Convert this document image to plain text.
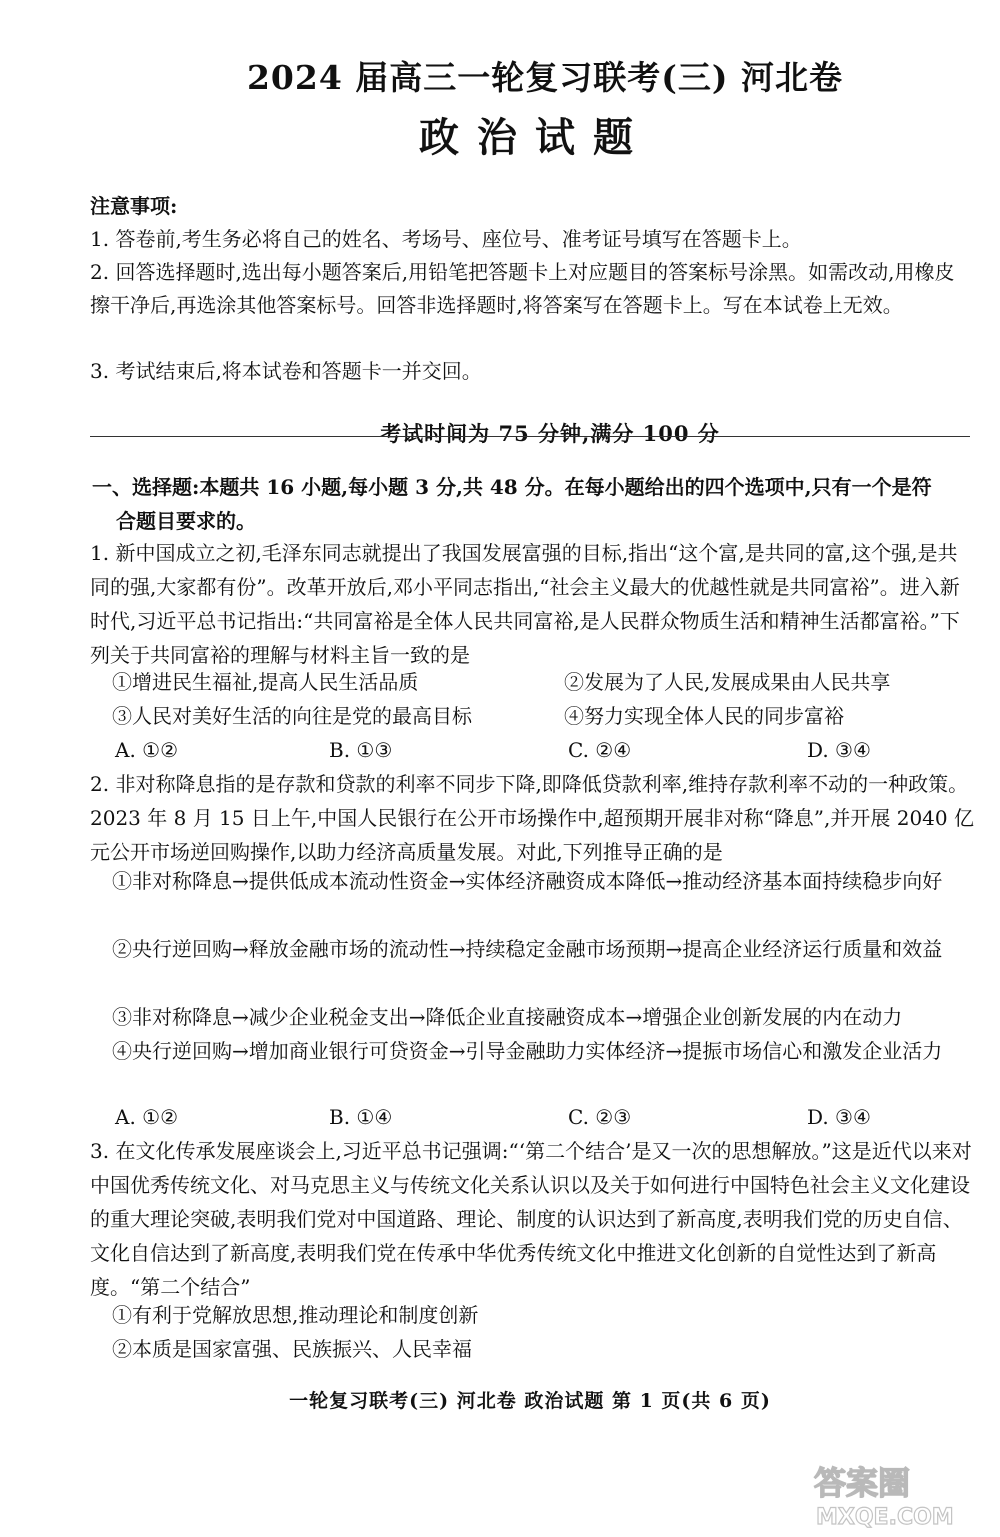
2024 届高三一轮复习联考(三) 河北卷
政治试题
注意事项:
1. 答卷前,考生务必将自己的姓名、考场号、座位号、准考证号填写在答题卡上。
2. 回答选择题时,选出每小题答案后,用铅笔把答题卡上对应题目的答案标号涂黑。如需改动,用橡皮擦干净后,再选涂其他答案标号。回答非选择题时,将答案写在答题卡上。写在本试卷上无效。
3. 考试结束后,将本试卷和答题卡一并交回。
考试时间为 75 分钟,满分 100 分
一、选择题:本题共 16 小题,每小题 3 分,共 48 分。在每小题给出的四个选项中,只有一个是符
合题目要求的。
1. 新中国成立之初,毛泽东同志就提出了我国发展富强的目标,指出“这个富,是共同的富,这个强,是共同的强,大家都有份”。改革开放后,邓小平同志指出,“社会主义最大的优越性就是共同富裕”。进入新时代,习近平总书记指出:“共同富裕是全体人民共同富裕,是人民群众物质生活和精神生活都富裕。”下列关于共同富裕的理解与材料主旨一致的是
①增进民生福祉,提高人民生活品质	②发展为了人民,发展成果由人民共享
③人民对美好生活的向往是党的最高目标	④努力实现全体人民的同步富裕
A. ①②	B. ①③	C. ②④	D. ③④
2. 非对称降息指的是存款和贷款的利率不同步下降,即降低贷款利率,维持存款利率不动的一种政策。2023 年 8 月 15 日上午,中国人民银行在公开市场操作中,超预期开展非对称“降息”,并开展 2040 亿元公开市场逆回购操作,以助力经济高质量发展。对此,下列推导正确的是
①非对称降息→提供低成本流动性资金→实体经济融资成本降低→推动经济基本面持续稳步向好
②央行逆回购→释放金融市场的流动性→持续稳定金融市场预期→提高企业经济运行质量和效益
③非对称降息→减少企业税金支出→降低企业直接融资成本→增强企业创新发展的内在动力
④央行逆回购→增加商业银行可贷资金→引导金融助力实体经济→提振市场信心和激发企业活力
A. ①②	B. ①④	C. ②③	D. ③④
3. 在文化传承发展座谈会上,习近平总书记强调:“‘第二个结合’是又一次的思想解放。”这是近代以来对中国优秀传统文化、对马克思主义与传统文化关系认识以及关于如何进行中国特色社会主义文化建设的重大理论突破,表明我们党对中国道路、理论、制度的认识达到了新高度,表明我们党的历史自信、文化自信达到了新高度,表明我们党在传承中华优秀传统文化中推进文化创新的自觉性达到了新高度。“第二个结合”
①有利于党解放思想,推动理论和制度创新
②本质是国家富强、民族振兴、人民幸福
一轮复习联考(三) 河北卷 政治试题 第 1 页(共 6 页)
答案圈
MXQE.COM
